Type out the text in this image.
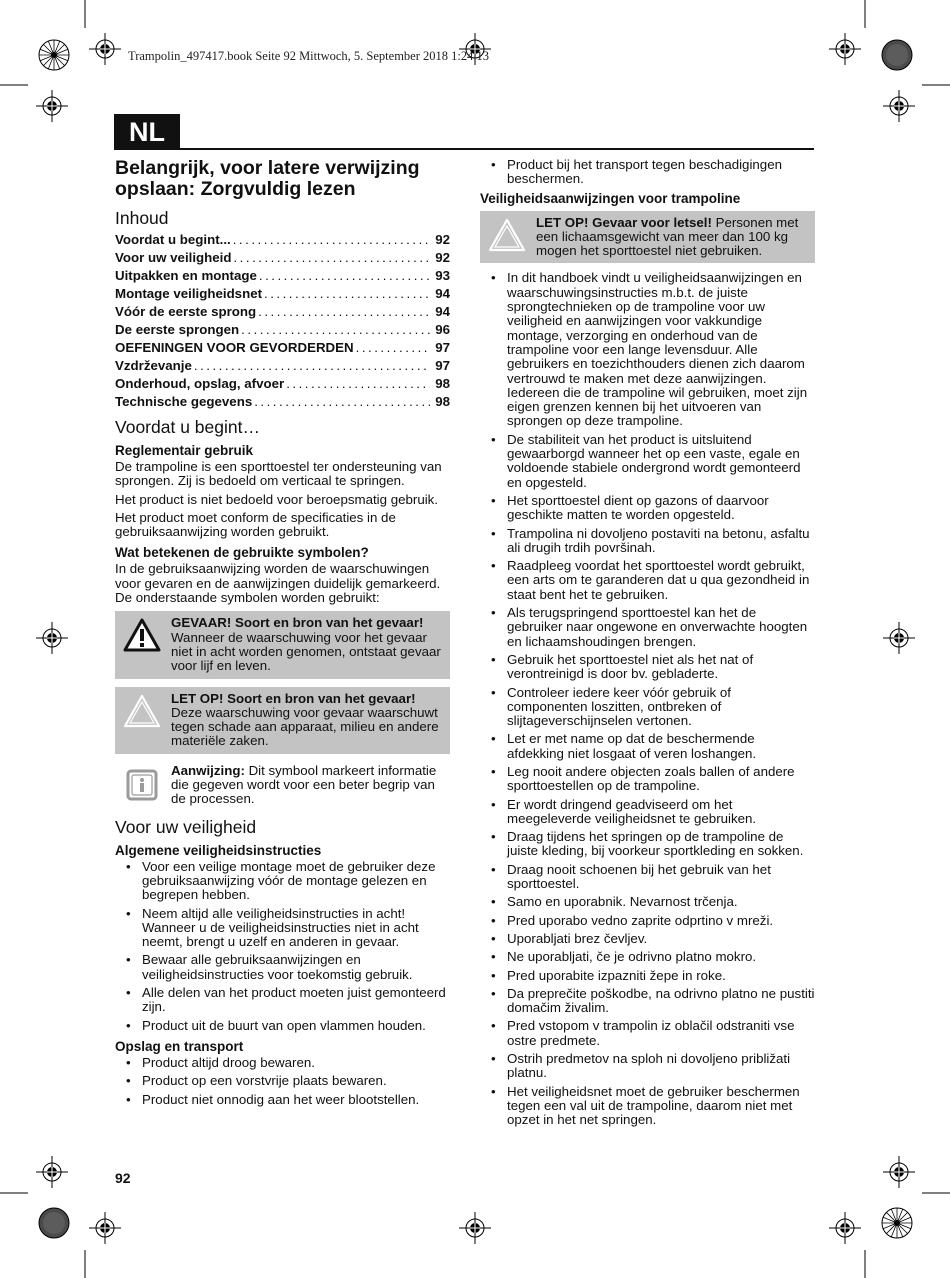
Trampolin_497417.book Seite 92 Mittwoch, 5. September 2018 1:24 13
NL
Belangrijk, voor latere verwijzing opslaan: Zorgvuldig lezen
Inhoud
Voordat u begint... .....	92
Voor uw veiligheid .....	92
Uitpakken en montage .....	93
Montage veiligheidsnet .....	94
Vóór de eerste sprong .....	94
De eerste sprongen .....	96
OEFENINGEN VOOR GEVORDERDEN .....	97
Vzdrževanje .....	97
Onderhoud, opslag, afvoer .....	98
Technische gegevens .....	98
Voordat u begint…
Reglementair gebruik

De trampoline is een sporttoestel ter ondersteuning van sprongen. Zij is bedoeld om verticaal te springen.

Het product is niet bedoeld voor beroepsmatig gebruik.

Het product moet conform de specificaties in de gebruiksaanwijzing worden gebruikt.

Wat betekenen de gebruikte symbolen?

In de gebruiksaanwijzing worden de waarschuwingen voor gevaren en de aanwijzingen duidelijk gemarkeerd. De onderstaande symbolen worden gebruikt:

GEVAAR! Soort en bron van het gevaar! Wanneer de waarschuwing voor het gevaar niet in acht worden genomen, ontstaat gevaar voor lijf en leven.
LET OP! Soort en bron van het gevaar! Deze waarschuwing voor gevaar waarschuwt tegen schade aan apparaat, milieu en andere materiële zaken.
Aanwijzing: Dit symbool markeert informatie die gegeven wordt voor een beter begrip van de processen.
Voor uw veiligheid
Algemene veiligheidsinstructies
• Voor een veilige montage moet de gebruiker deze gebruiksaanwijzing vóór de montage gelezen en begrepen hebben.
• Neem altijd alle veiligheidsinstructies in acht! Wanneer u de veiligheidsinstructies niet in acht neemt, brengt u uzelf en anderen in gevaar.
• Bewaar alle gebruiksaanwijzingen en veiligheidsinstructies voor toekomstig gebruik.
• Alle delen van het product moeten juist gemonteerd zijn.
• Product uit de buurt van open vlammen houden.
Opslag en transport
• Product altijd droog bewaren.
• Product op een vorstvrije plaats bewaren.
• Product niet onnodig aan het weer blootstellen.
• Product bij het transport tegen beschadigingen beschermen.
Veiligheidsaanwijzingen voor trampoline
LET OP! Gevaar voor letsel! Personen met een lichaamsgewicht van meer dan 100 kg mogen het sporttoestel niet gebruiken.
• In dit handboek vindt u veiligheidsaanwijzingen en waarschuwingsinstructies m.b.t. de juiste sprongtechnieken op de trampoline voor uw veiligheid en aanwijzingen voor vakkundige montage, verzorging en onderhoud van de trampoline voor een lange levensduur. Alle gebruikers en toezichthouders dienen zich daarom vertrouwd te maken met deze aanwijzingen. Iedereen die de trampoline wil gebruiken, moet zijn eigen grenzen kennen bij het uitvoeren van sprongen op deze trampoline.
• De stabiliteit van het product is uitsluitend gewaarborgd wanneer het op een vaste, egale en voldoende stabiele ondergrond wordt gemonteerd en opgesteld.
• Het sporttoestel dient op gazons of daarvoor geschikte matten te worden opgesteld.
• Trampolina ni dovoljeno postaviti na betonu, asfaltu ali drugih trdih površinah.
• Raadpleeg voordat het sporttoestel wordt gebruikt, een arts om te garanderen dat u qua gezondheid in staat bent het te gebruiken.
• Als terugspringend sporttoestel kan het de gebruiker naar ongewone en onverwachte hoogten en lichaamshoudingen brengen.
• Gebruik het sporttoestel niet als het nat of verontreinigd is door bv. gebladerte.
• Controleer iedere keer vóór gebruik of componenten loszitten, ontbreken of slijtageverschijnselen vertonen.
• Let er met name op dat de beschermende afdekking niet losgaat of veren loshangen.
• Leg nooit andere objecten zoals ballen of andere sporttoestellen op de trampoline.
• Er wordt dringend geadviseerd om het meegeleverde veiligheidsnet te gebruiken.
• Draag tijdens het springen op de trampoline de juiste kleding, bij voorkeur sportkleding en sokken.
• Draag nooit schoenen bij het gebruik van het sporttoestel.
• Samo en uporabnik. Nevarnost trčenja.
• Pred uporabo vedno zaprite odprtino v mreži.
• Uporabljati brez čevljev.
• Ne uporabljati, če je odrivno platno mokro.
• Pred uporabite izpazniti žepe in roke.
• Da preprečite poškodbe, na odrivno platno ne pustiti domačim živalim.
• Pred vstopom v trampolin iz oblačil odstraniti vse ostre predmete.
• Ostrih predmetov na sploh ni dovoljeno približati platnu.
• Het veiligheidsnet moet de gebruiker beschermen tegen een val uit de trampoline, daarom niet met opzet in het net springen.
92
